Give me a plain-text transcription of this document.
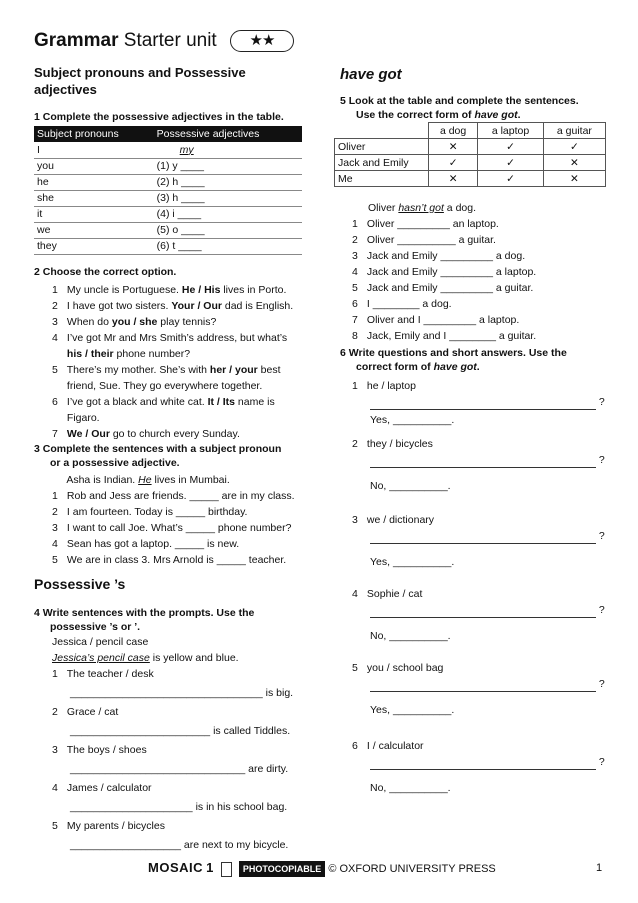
Grammar Starter unit ★★
Subject pronouns and Possessive adjectives
1 Complete the possessive adjectives in the table.
Subject pronouns	Possessive adjectives
I	my
you	(1) y ____
he	(2) h ____
she	(3) h ____
it	(4) i ____
we	(5) o ____
they	(6) t ____
2 Choose the correct option.
1 My uncle is Portuguese. He / His lives in Porto.
2 I have got two sisters. Your / Our dad is English.
3 When do you / she play tennis?
4 I’ve got Mr and Mrs Smith’s address, but what’s
his / their phone number?
5 There’s my mother. She’s with her / your best
friend, Sue. They go everywhere together.
6 I’ve got a black and white cat. It / Its name is
Figaro.
7 We / Our go to church every Sunday.
3 Complete the sentences with a subject pronoun
or a possessive adjective.
Asha is Indian. He lives in Mumbai.
1 Rob and Jess are friends. _____ are in my class.
2 I am fourteen. Today is _____ birthday.
3 I want to call Joe. What’s _____ phone number?
4 Sean has got a laptop. _____ is new.
5 We are in class 3. Mrs Arnold is _____ teacher.
Possessive ’s
4 Write sentences with the prompts. Use the
possessive ’s or ’.
Jessica / pencil case
Jessica’s pencil case is yellow and blue.
1 The teacher / desk
_________________________________ is big.
2 Grace / cat
________________________ is called Tiddles.
3 The boys / shoes
______________________________ are dirty.
4 James / calculator
_____________________ is in his school bag.
5 My parents / bicycles
___________________ are next to my bicycle.
have got
5 Look at the table and complete the sentences.
Use the correct form of have got.
	a dog	a laptop	a guitar
Oliver	✕	✓	✓
Jack and Emily	✓	✓	✕
Me	✕	✓	✕
Oliver hasn’t got a dog.
1 Oliver _________ an laptop.
2 Oliver __________ a guitar.
3 Jack and Emily _________ a dog.
4 Jack and Emily _________ a laptop.
5 Jack and Emily _________ a guitar.
6 I ________ a dog.
7 Oliver and I _________ a laptop.
8 Jack, Emily and I ________ a guitar.
6 Write questions and short answers. Use the
correct form of have got.
1 he / laptop
?
Yes, __________.
2 they / bicycles
?
No, __________.
3 we / dictionary
?
Yes, __________.
4 Sophie / cat
?
No, __________.
5 you / school bag
?
Yes, __________.
6 I / calculator
?
No, __________.
MOSAIC 1	PHOTOCOPIABLE © OXFORD UNIVERSITY PRESS	1
